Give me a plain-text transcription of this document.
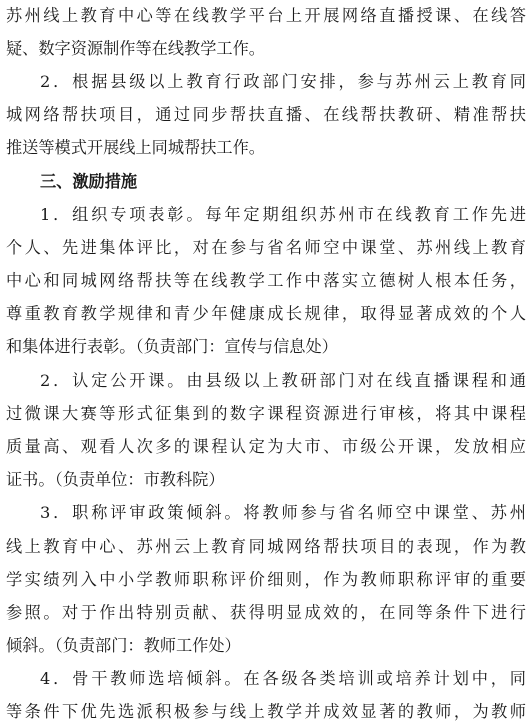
苏州线上教育中心等在线教学平台上开展网络直播授课、在线答
疑、数字资源制作等在线教学工作。
2．根据县级以上教育行政部门安排，参与苏州云上教育同
城网络帮扶项目，通过同步帮扶直播、在线帮扶教研、精准帮扶
推送等模式开展线上同城帮扶工作。
三、激励措施
1．组织专项表彰。每年定期组织苏州市在线教育工作先进
个人、先进集体评比，对在参与省名师空中课堂、苏州线上教育
中心和同城网络帮扶等在线教学工作中落实立德树人根本任务，
尊重教育教学规律和青少年健康成长规律，取得显著成效的个人
和集体进行表彰。（负责部门：宣传与信息处）
2．认定公开课。由县级以上教研部门对在线直播课程和通
过微课大赛等形式征集到的数字课程资源进行审核，将其中课程
质量高、观看人次多的课程认定为大市、市级公开课，发放相应
证书。（负责单位：市教科院）
3．职称评审政策倾斜。将教师参与省名师空中课堂、苏州
线上教育中心、苏州云上教育同城网络帮扶项目的表现，作为教
学实绩列入中小学教师职称评价细则，作为教师职称评审的重要
参照。对于作出特别贡献、获得明显成效的，在同等条件下进行
倾斜。（负责部门：教师工作处）
4．骨干教师选培倾斜。在各级各类培训或培养计划中，同
等条件下优先选派积极参与线上教学并成效显著的教师，为教师
